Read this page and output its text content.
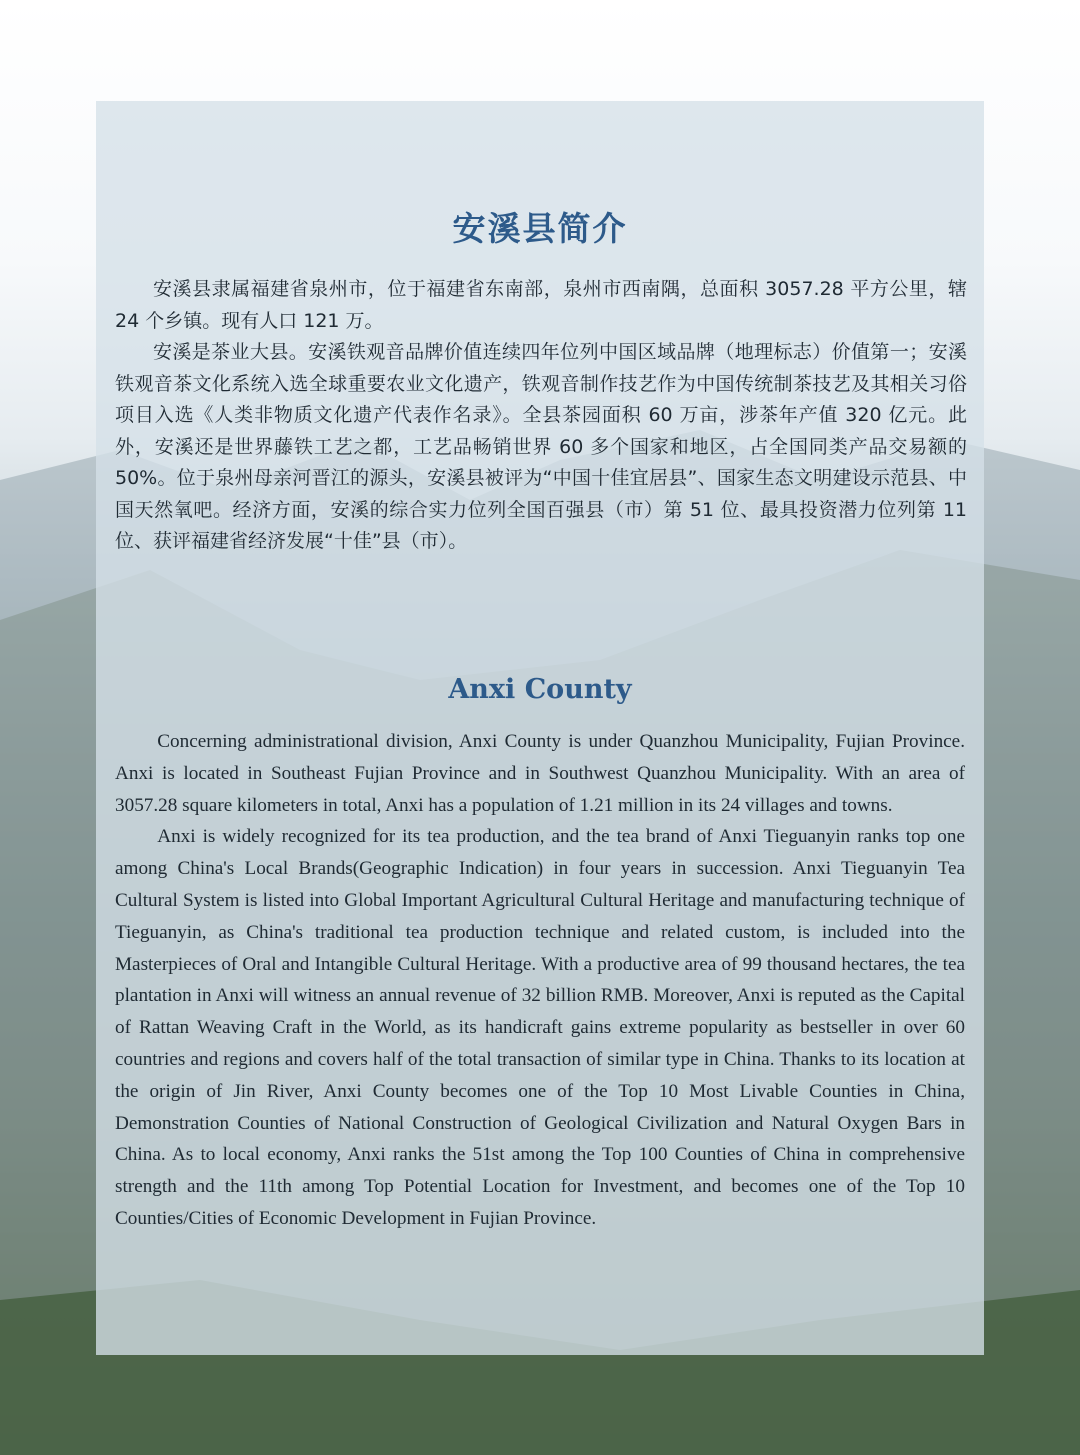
安溪县简介

安溪县隶属福建省泉州市，位于福建省东南部，泉州市西南隅，总面积 3057.28 平方公里，辖 24 个乡镇。现有人口 121 万。

安溪是茶业大县。安溪铁观音品牌价值连续四年位列中国区域品牌（地理标志）价值第一；安溪铁观音茶文化系统入选全球重要农业文化遗产，铁观音制作技艺作为中国传统制茶技艺及其相关习俗项目入选《人类非物质文化遗产代表作名录》。全县茶园面积 60 万亩，涉茶年产值 320 亿元。此外，安溪还是世界藤铁工艺之都，工艺品畅销世界 60 多个国家和地区，占全国同类产品交易额的50%。位于泉州母亲河晋江的源头，安溪县被评为“中国十佳宜居县”、国家生态文明建设示范县、中国天然氧吧。经济方面，安溪的综合实力位列全国百强县（市）第 51 位、最具投资潜力位列第 11 位、获评福建省经济发展“十佳”县（市）。

Anxi County

Concerning administrational division, Anxi County is under Quanzhou Municipality, Fujian Province. Anxi is located in Southeast Fujian Province and in Southwest Quanzhou Municipality. With an area of 3057.28 square kilometers in total, Anxi has a population of 1.21 million in its 24 villages and towns.

Anxi is widely recognized for its tea production, and the tea brand of Anxi Tieguanyin ranks top one among China's Local Brands(Geographic Indication) in four years in succession. Anxi Tieguanyin Tea Cultural System is listed into Global Important Agricultural Cultural Heritage and manufacturing technique of Tieguanyin, as China's traditional tea production technique and related custom, is included into the Masterpieces of Oral and Intangible Cultural Heritage. With a productive area of 99 thousand hectares, the tea plantation in Anxi will witness an annual revenue of 32 billion RMB. Moreover, Anxi is reputed as the Capital of Rattan Weaving Craft in the World, as its handicraft gains extreme popularity as bestseller in over 60 countries and regions and covers half of the total transaction of similar type in China. Thanks to its location at the origin of Jin River, Anxi County becomes one of the Top 10 Most Livable Counties in China, Demonstration Counties of National Construction of Geological Civilization and Natural Oxygen Bars in China. As to local economy, Anxi ranks the 51st among the Top 100 Counties of China in comprehensive strength and the 11th among Top Potential Location for Investment, and becomes one of the Top 10 Counties/Cities of Economic Development in Fujian Province.
